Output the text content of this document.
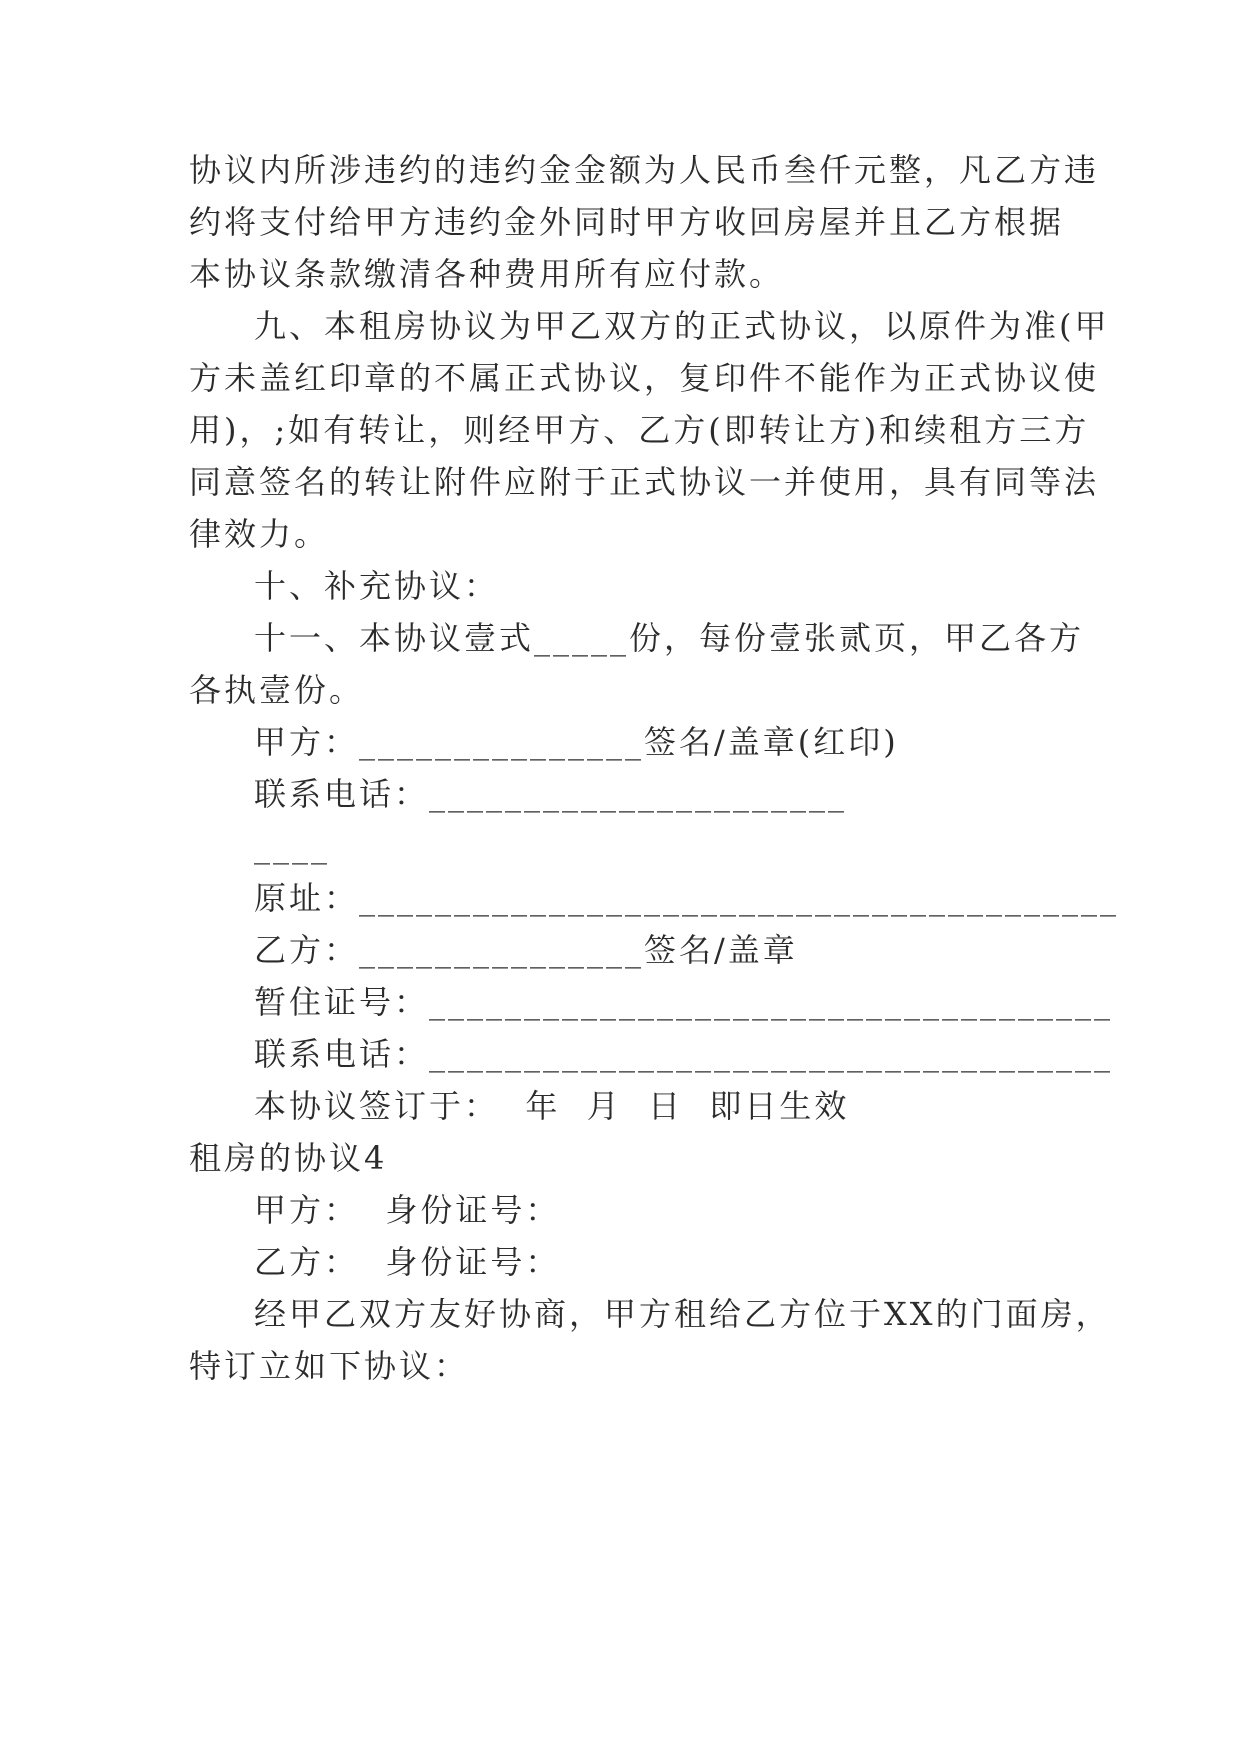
协议内所涉违约的违约金金额为人民币叁仟元整，凡乙方违
约将支付给甲方违约金外同时甲方收回房屋并且乙方根据
本协议条款缴清各种费用所有应付款。
九、本租房协议为甲乙双方的正式协议，以原件为准(甲
方未盖红印章的不属正式协议，复印件不能作为正式协议使
用)，;如有转让，则经甲方、乙方(即转让方)和续租方三方
同意签名的转让附件应附于正式协议一并使用，具有同等法
律效力。
十、补充协议：
十一、本协议壹式_____份，每份壹张贰页，甲乙各方
各执壹份。
甲方：_______________签名/盖章(红印)
联系电话：______________________
____
原址：________________________________________
乙方：_______________签名/盖章
暂住证号：____________________________________
联系电话：____________________________________
本协议签订于：  年  月  日  即日生效
租房的协议4
甲方：  身份证号：
乙方：  身份证号：
经甲乙双方友好协商，甲方租给乙方位于XX的门面房，
特订立如下协议：
